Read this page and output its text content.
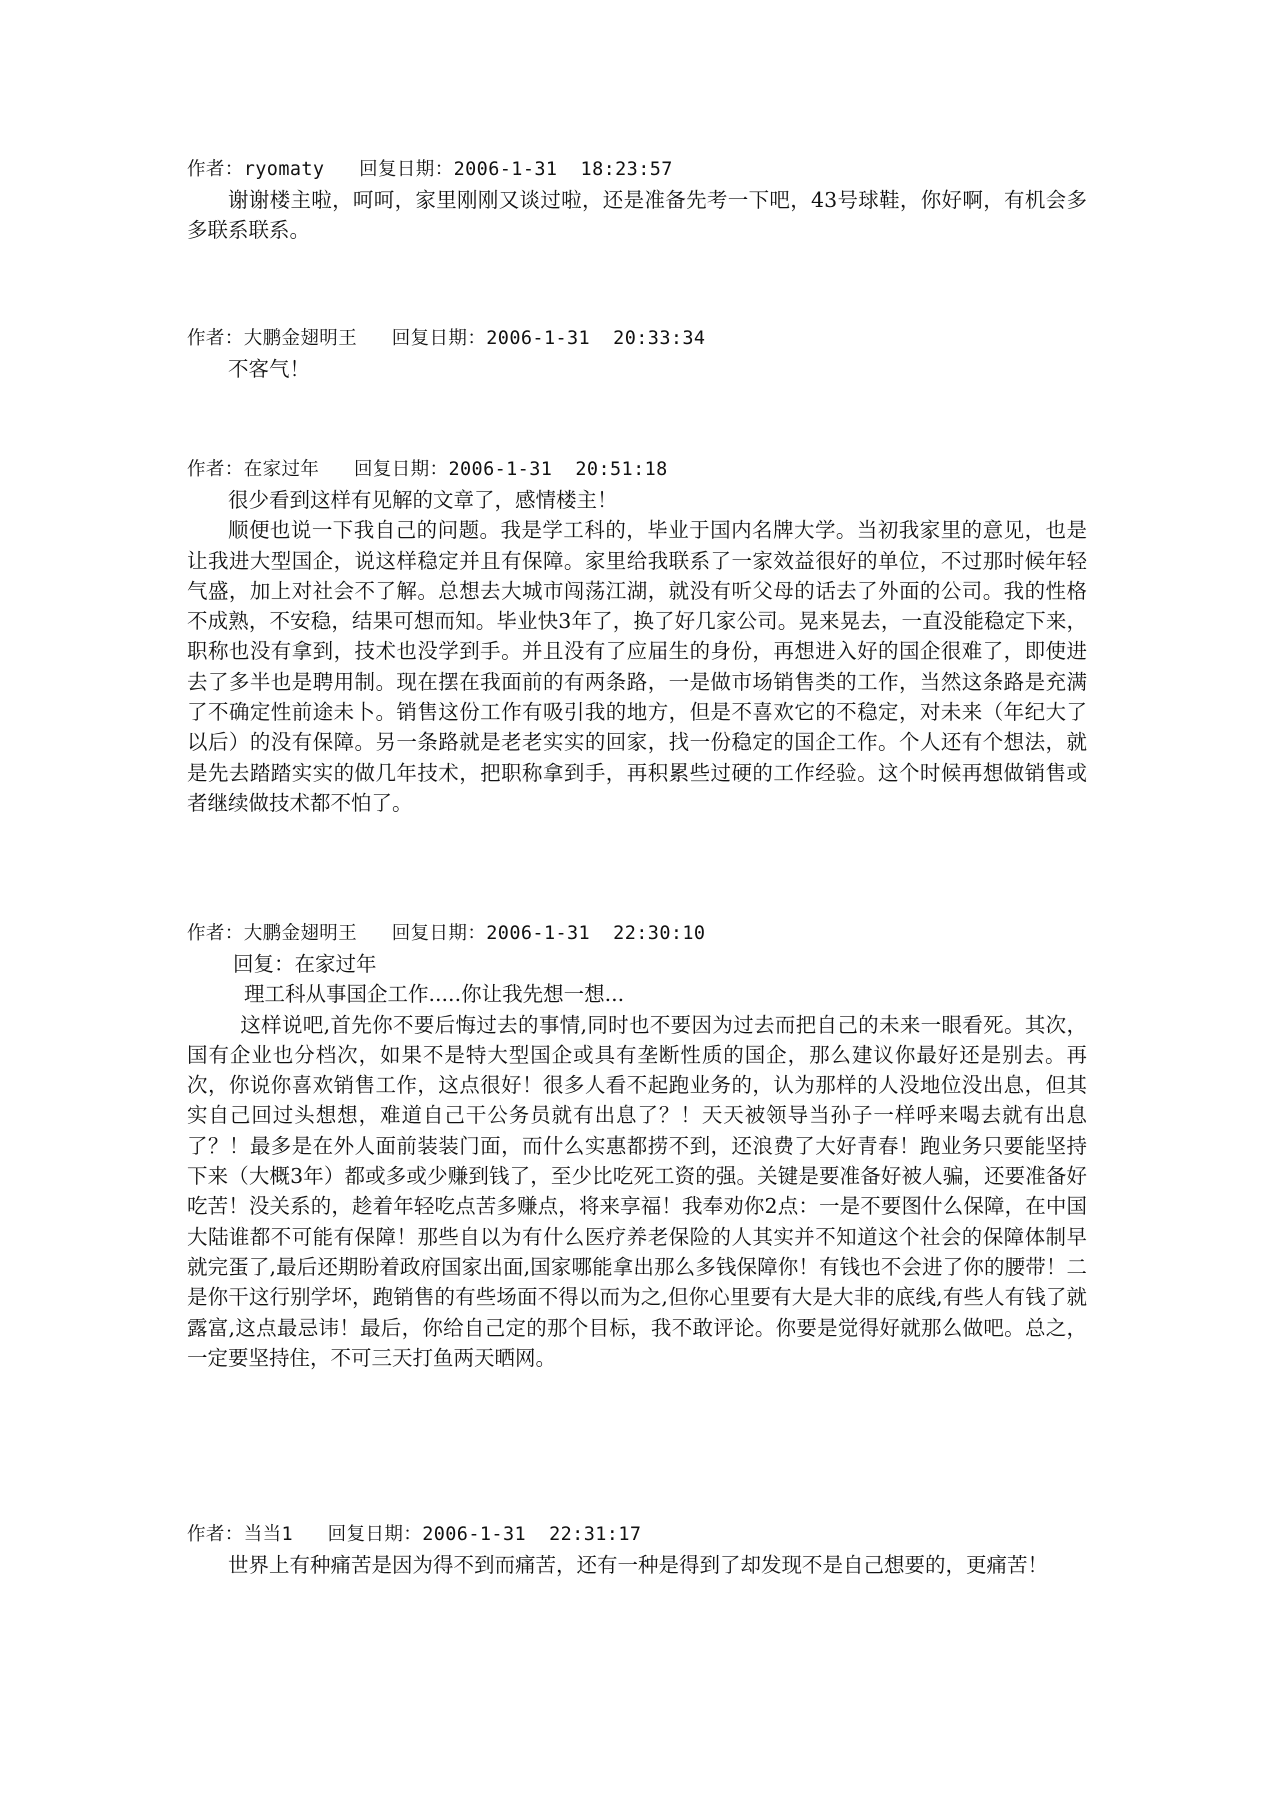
作者：ryomaty 回复日期：2006-1-31 18:23:57

谢谢楼主啦，呵呵，家里刚刚又谈过啦，还是准备先考一下吧，43号球鞋，你好啊，有机会多多联系联系。

作者：大鹏金翅明王 回复日期：2006-1-31 20:33:34

不客气！

作者：在家过年 回复日期：2006-1-31 20:51:18

很少看到这样有见解的文章了，感情楼主！

顺便也说一下我自己的问题。我是学工科的，毕业于国内名牌大学。当初我家里的意见，也是让我进大型国企，说这样稳定并且有保障。家里给我联系了一家效益很好的单位，不过那时候年轻气盛，加上对社会不了解。总想去大城市闯荡江湖，就没有听父母的话去了外面的公司。我的性格不成熟，不安稳，结果可想而知。毕业快3年了，换了好几家公司。晃来晃去，一直没能稳定下来，职称也没有拿到，技术也没学到手。并且没有了应届生的身份，再想进入好的国企很难了，即使进去了多半也是聘用制。现在摆在我面前的有两条路，一是做市场销售类的工作，当然这条路是充满了不确定性前途未卜。销售这份工作有吸引我的地方，但是不喜欢它的不稳定，对未来（年纪大了以后）的没有保障。另一条路就是老老实实的回家，找一份稳定的国企工作。个人还有个想法，就是先去踏踏实实的做几年技术，把职称拿到手，再积累些过硬的工作经验。这个时候再想做销售或者继续做技术都不怕了。

作者：大鹏金翅明王 回复日期：2006-1-31 22:30:10

回复：在家过年

理工科从事国企工作.....你让我先想一想...

这样说吧,首先你不要后悔过去的事情,同时也不要因为过去而把自己的未来一眼看死。其次，国有企业也分档次，如果不是特大型国企或具有垄断性质的国企，那么建议你最好还是别去。再次，你说你喜欢销售工作，这点很好！很多人看不起跑业务的，认为那样的人没地位没出息，但其实自己回过头想想，难道自己干公务员就有出息了？！天天被领导当孙子一样呼来喝去就有出息了？！最多是在外人面前装装门面，而什么实惠都捞不到，还浪费了大好青春！跑业务只要能坚持下来（大概3年）都或多或少赚到钱了，至少比吃死工资的强。关键是要准备好被人骗，还要准备好吃苦！没关系的，趁着年轻吃点苦多赚点，将来享福！我奉劝你2点：一是不要图什么保障，在中国大陆谁都不可能有保障！那些自以为有什么医疗养老保险的人其实并不知道这个社会的保障体制早就完蛋了,最后还期盼着政府国家出面,国家哪能拿出那么多钱保障你！有钱也不会进了你的腰带！二是你干这行别学坏，跑销售的有些场面不得以而为之,但你心里要有大是大非的底线,有些人有钱了就露富,这点最忌讳！最后，你给自己定的那个目标，我不敢评论。你要是觉得好就那么做吧。总之，一定要坚持住，不可三天打鱼两天晒网。

作者：当当1 回复日期：2006-1-31 22:31:17

世界上有种痛苦是因为得不到而痛苦，还有一种是得到了却发现不是自己想要的，更痛苦！
